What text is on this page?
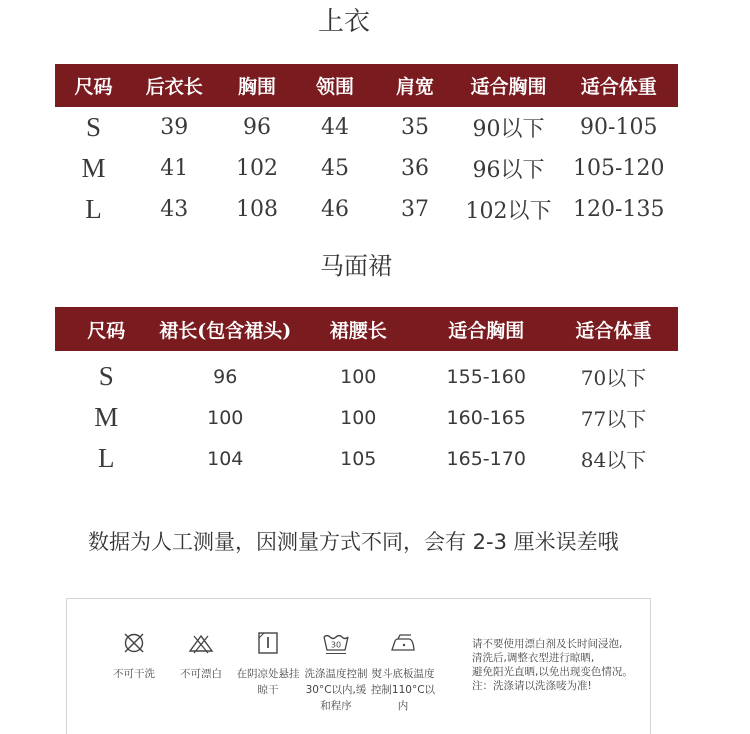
上衣
尺码	后衣长	胸围	领围	肩宽	适合胸围	适合体重
S	39	96	44	35	90以下	90-105
M	41	102	45	36	96以下	105-120
L	43	108	46	37	102以下 120-135
马面裙
尺码	裙长(包含裙头)	裙腰长	适合胸围	适合体重
S	96	100	155-160	70以下
M	100	100	160-165	77以下
L	104	105	165-170	84以下
数据为人工测量，因测量方式不同，会有 2-3 厘米误差哦
不可干洗	不可漂白	在阴凉处悬挂
晾干
30
洗涤温度控制
30°C以内,缓
和程序
熨斗底板温度
控制110°C以
内
请不要使用漂白剂及长时间浸泡,
清洗后,调整衣型进行晾晒,
避免阳光直晒,以免出现变色情况。
注：洗涤请以洗涤唛为准!
